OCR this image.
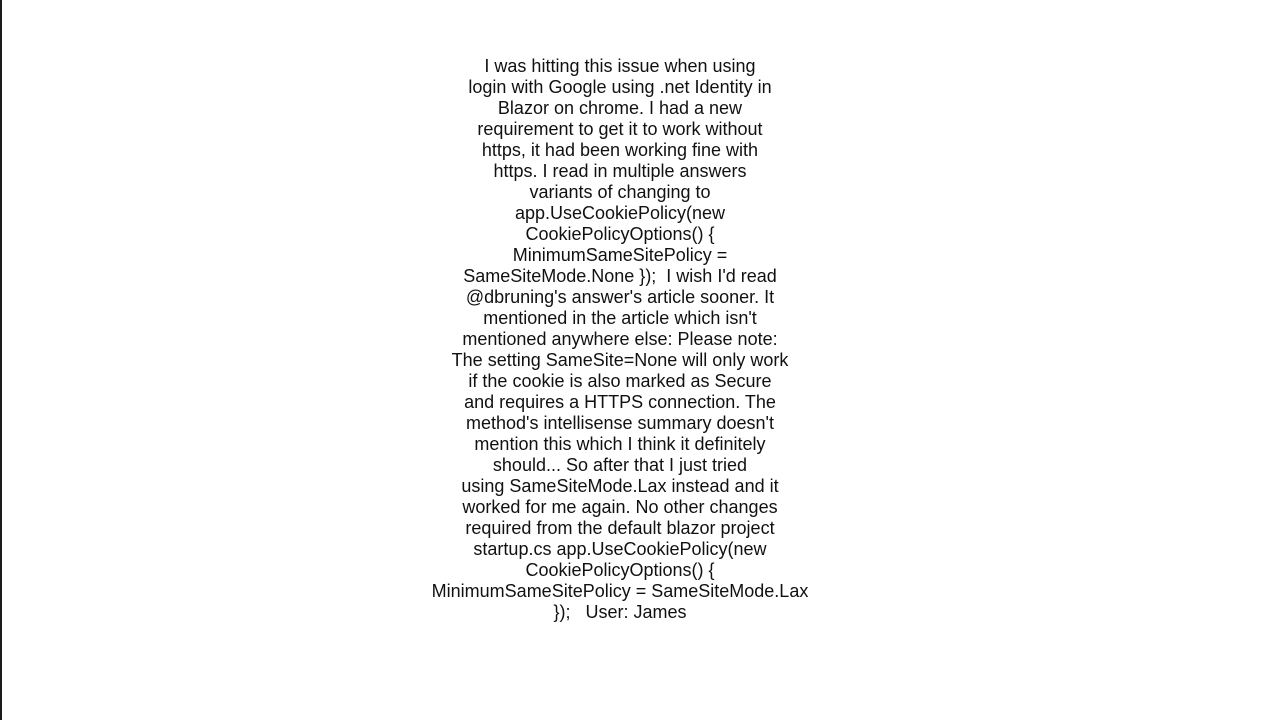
I was hitting this issue when using
login with Google using .net Identity in
Blazor on chrome. I had a new
requirement to get it to work without
https, it had been working fine with
https. I read in multiple answers
variants of changing to
app.UseCookiePolicy(new
CookiePolicyOptions() {
MinimumSameSitePolicy =
SameSiteMode.None });  I wish I'd read
@dbruning's answer's article sooner. It
mentioned in the article which isn't
mentioned anywhere else: Please note:
The setting SameSite=None will only work
if the cookie is also marked as Secure
and requires a HTTPS connection. The
method's intellisense summary doesn't
mention this which I think it definitely
should... So after that I just tried
using SameSiteMode.Lax instead and it
worked for me again. No other changes
required from the default blazor project
startup.cs app.UseCookiePolicy(new
CookiePolicyOptions() {
MinimumSameSitePolicy = SameSiteMode.Lax
});   User: James
